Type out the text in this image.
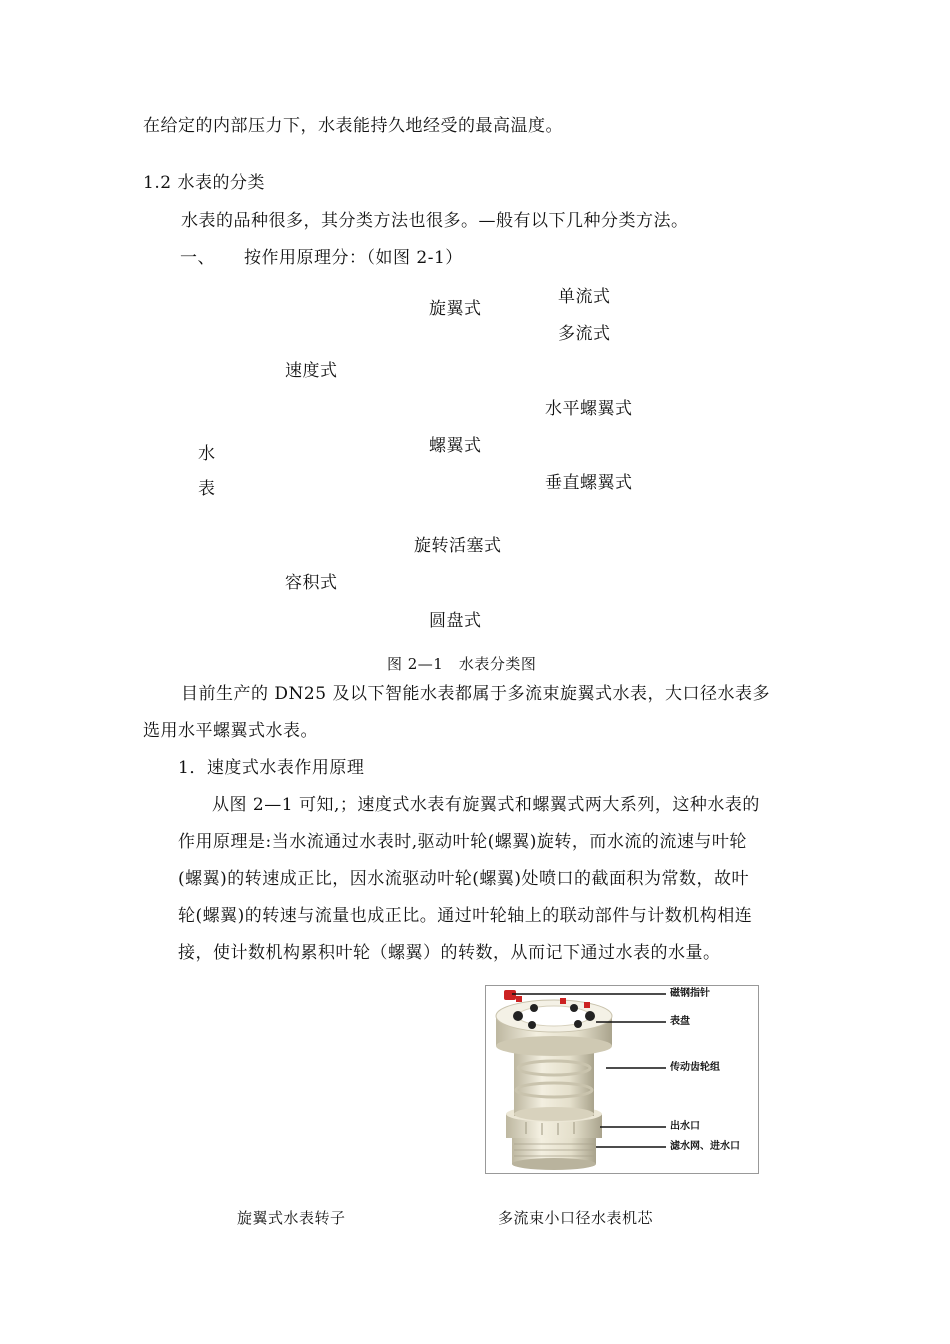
在给定的内部压力下，水表能持久地经受的最高温度。
1.2 水表的分类
水表的品种很多，其分类方法也很多。—般有以下几种分类方法。
一、 按作用原理分：（如图 2-1）
单流式
旋翼式
多流式
速度式
水平螺翼式
螺翼式
水
垂直螺翼式
表
旋转活塞式
容积式
圆盘式
图 2—1　水表分类图
目前生产的 DN25 及以下智能水表都属于多流束旋翼式水表，大口径水表多
选用水平螺翼式水表。
1．速度式水表作用原理
从图 2—1 可知,；速度式水表有旋翼式和螺翼式两大系列，这种水表的
作用原理是:当水流通过水表时,驱动叶轮(螺翼)旋转，而水流的流速与叶轮
(螺翼)的转速成正比，因水流驱动叶轮(螺翼)处喷口的截面积为常数，故叶
轮(螺翼)的转速与流量也成正比。通过叶轮轴上的联动部件与计数机构相连
接，使计数机构累积叶轮（螺翼）的转数，从而记下通过水表的水量。
磁钢指针
表盘
传动齿轮组
出水口
滤水网、进水口
旋翼式水表转子	多流束小口径水表机芯
